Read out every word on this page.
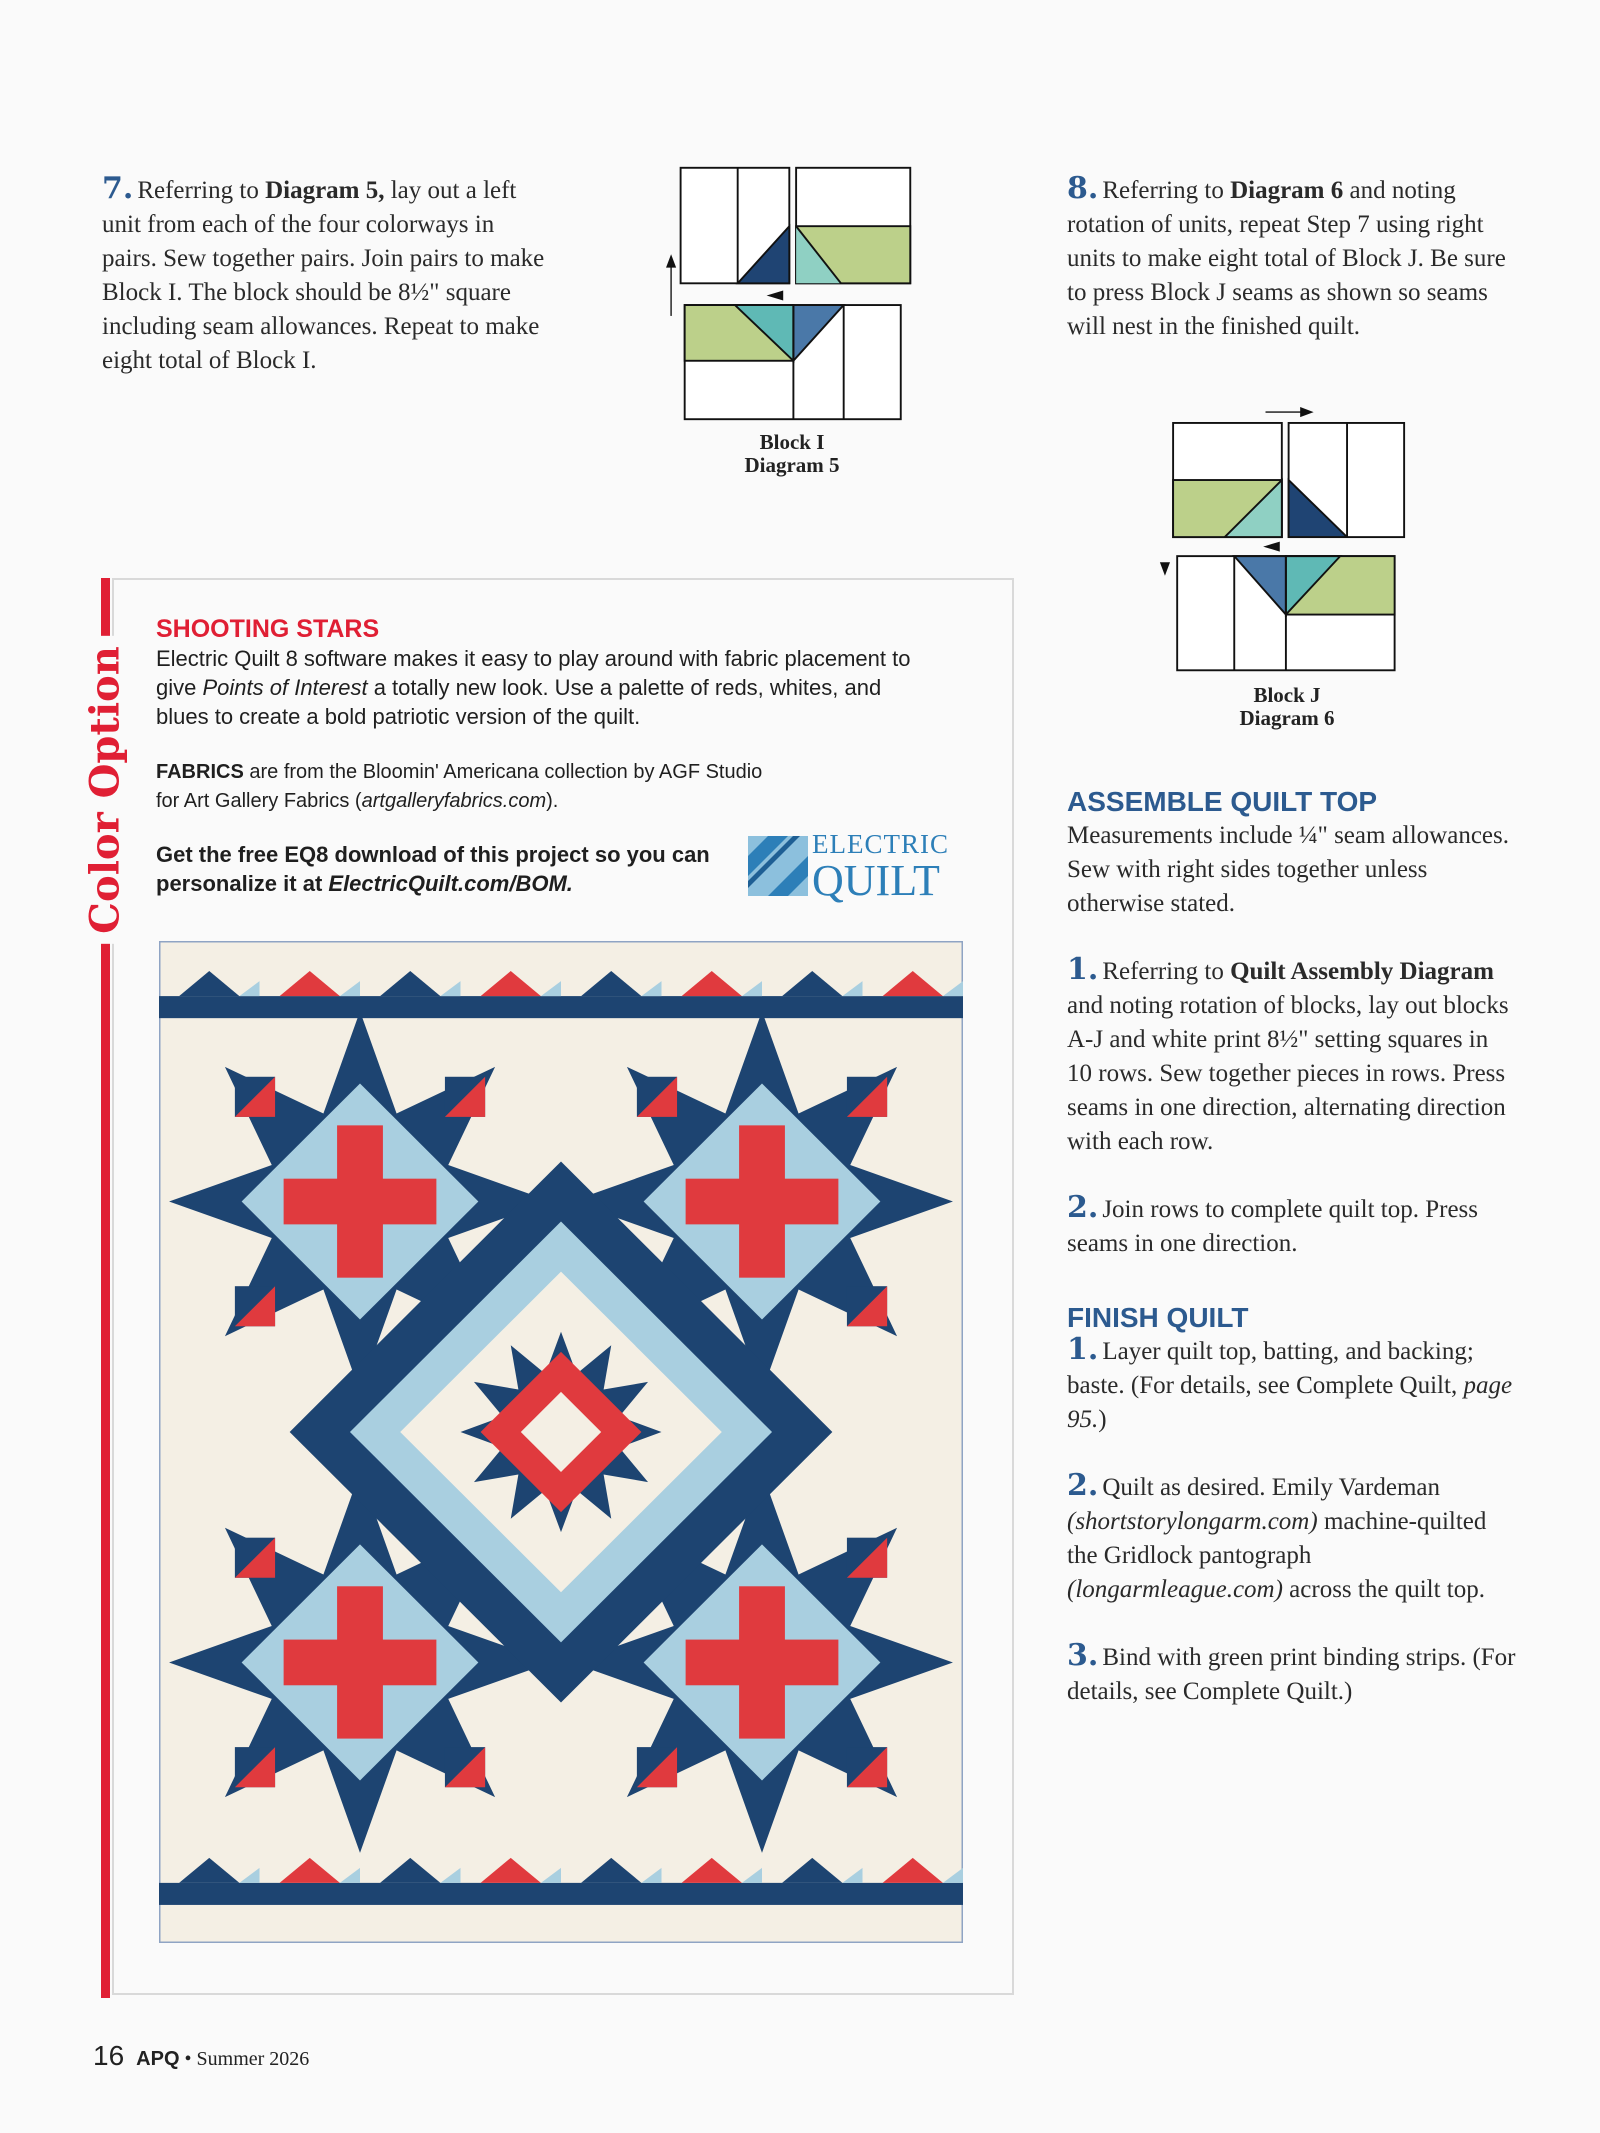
7. Referring to Diagram 5, lay out a left unit from each of the four colorways in pairs. Sew together pairs. Join pairs to make Block I. The block should be 8½" square including seam allowances. Repeat to make eight total of Block I.
Block I
Diagram 5
8. Referring to Diagram 6 and noting rotation of units, repeat Step 7 using right units to make eight total of Block J. Be sure to press Block J seams as shown so seams will nest in the finished quilt.
Block J
Diagram 6
ASSEMBLE QUILT TOP
Measurements include ¼" seam allowances. Sew with right sides together unless otherwise stated.
1. Referring to Quilt Assembly Diagram and noting rotation of blocks, lay out blocks A-J and white print 8½" setting squares in 10 rows. Sew together pieces in rows. Press seams in one direction, alternating direction with each row.
2. Join rows to complete quilt top. Press seams in one direction.
FINISH QUILT
1. Layer quilt top, batting, and backing; baste. (For details, see Complete Quilt, page 95.)
2. Quilt as desired. Emily Vardeman (shortstorylongarm.com) machine-quilted the Gridlock pantograph (longarmleague.com) across the quilt top.
3. Bind with green print binding strips. (For details, see Complete Quilt.)
Color Option
SHOOTING STARS
Electric Quilt 8 software makes it easy to play around with fabric placement to give Points of Interest a totally new look. Use a palette of reds, whites, and blues to create a bold patriotic version of the quilt.
FABRICS are from the Bloomin' Americana collection by AGF Studio for Art Gallery Fabrics (artgalleryfabrics.com).
Get the free EQ8 download of this project so you can personalize it at ElectricQuilt.com/BOM.
ELECTRIC
QUILT
16 APQ • Summer 2026
